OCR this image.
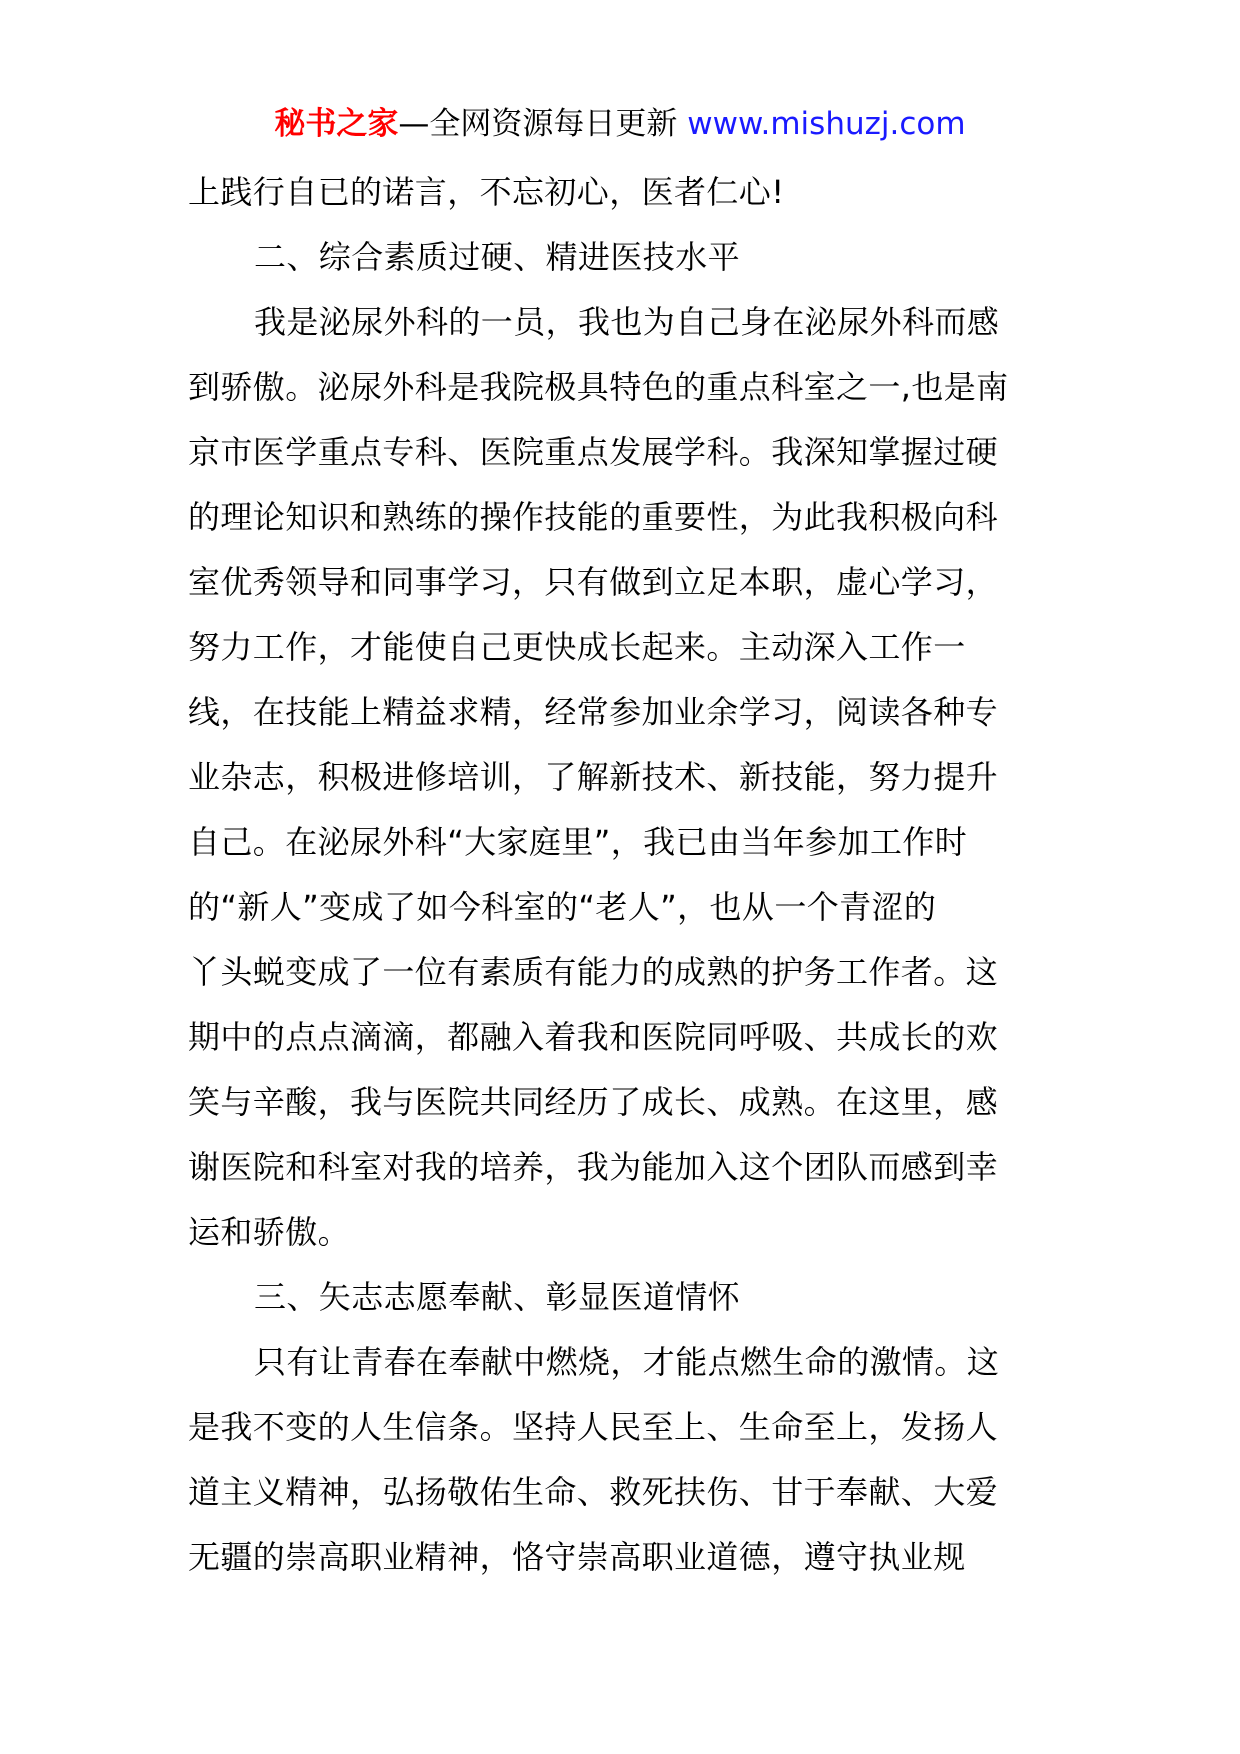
秘书之家—全网资源每日更新 www.mishuzj.com
上践行自已的诺言，不忘初心，医者仁心!
二、综合素质过硬、精进医技水平
我是泌尿外科的一员，我也为自己身在泌尿外科而感
到骄傲。泌尿外科是我院极具特色的重点科室之一,也是南
京市医学重点专科、医院重点发展学科。我深知掌握过硬
的理论知识和熟练的操作技能的重要性，为此我积极向科
室优秀领导和同事学习，只有做到立足本职，虚心学习，
努力工作，才能使自己更快成长起来。主动深入工作一
线，在技能上精益求精，经常参加业余学习，阅读各种专
业杂志，积极进修培训，了解新技术、新技能，努力提升
自己。在泌尿外科“大家庭里”，我已由当年参加工作时
的“新人”变成了如今科室的“老人”，也从一个青涩的
丫头蜕变成了一位有素质有能力的成熟的护务工作者。这
期中的点点滴滴，都融入着我和医院同呼吸、共成长的欢
笑与辛酸，我与医院共同经历了成长、成熟。在这里，感
谢医院和科室对我的培养，我为能加入这个团队而感到幸
运和骄傲。
三、矢志志愿奉献、彰显医道情怀
只有让青春在奉献中燃烧，才能点燃生命的激情。这
是我不变的人生信条。坚持人民至上、生命至上，发扬人
道主义精神，弘扬敬佑生命、救死扶伤、甘于奉献、大爱
无疆的崇高职业精神，恪守崇高职业道德，遵守执业规
